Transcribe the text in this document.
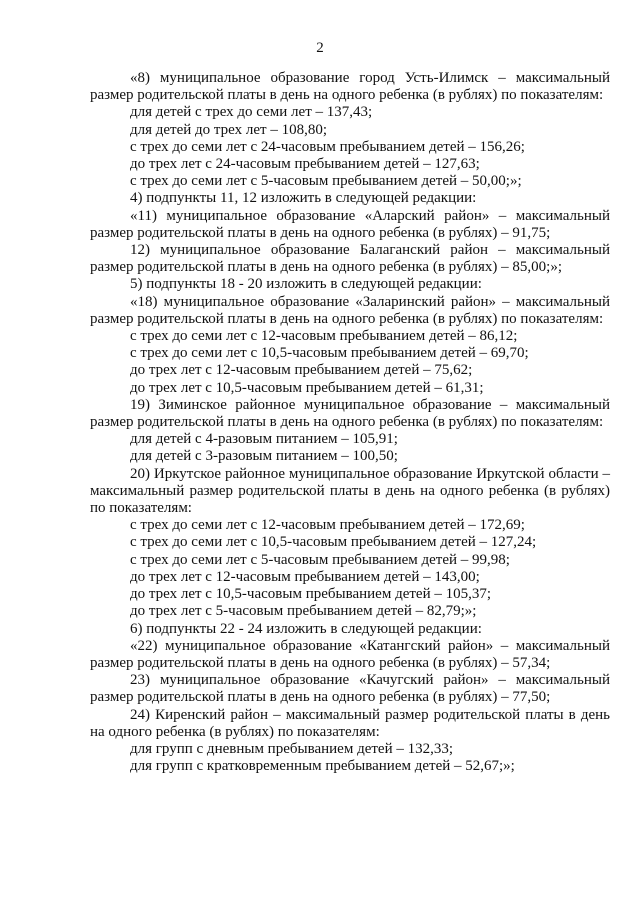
2

«8) муниципальное образование город Усть-Илимск – максимальный размер родительской платы в день на одного ребенка (в рублях) по показателям:

для детей с трех до семи лет – 137,43;

для детей до трех лет – 108,80;

с трех до семи лет с 24-часовым пребыванием детей – 156,26;

до трех лет с 24-часовым пребыванием детей – 127,63;

с трех до семи лет с 5-часовым пребыванием детей – 50,00;»;

4) подпункты 11, 12 изложить в следующей редакции:

«11) муниципальное образование «Аларский район» – максимальный размер родительской платы в день на одного ребенка (в рублях) – 91,75;

12) муниципальное образование Балаганский район – максимальный размер родительской платы в день на одного ребенка (в рублях) – 85,00;»;

5) подпункты 18 - 20 изложить в следующей редакции:

«18) муниципальное образование «Заларинский район» – максимальный размер родительской платы в день на одного ребенка (в рублях) по показателям:

с трех до семи лет с 12-часовым пребыванием детей – 86,12;

с трех до семи лет с 10,5-часовым пребыванием детей – 69,70;

до трех лет с 12-часовым пребыванием детей – 75,62;

до трех лет с 10,5-часовым пребыванием детей – 61,31;

19) Зиминское районное муниципальное образование – максимальный размер родительской платы в день на одного ребенка (в рублях) по показателям:

для детей с 4-разовым питанием – 105,91;

для детей с 3-разовым питанием – 100,50;

20) Иркутское районное муниципальное образование Иркутской области – максимальный размер родительской платы в день на одного ребенка (в рублях) по показателям:

с трех до семи лет с 12-часовым пребыванием детей – 172,69;

с трех до семи лет с 10,5-часовым пребыванием детей – 127,24;

с трех до семи лет с 5-часовым пребыванием детей – 99,98;

до трех лет с 12-часовым пребыванием детей – 143,00;

до трех лет с 10,5-часовым пребыванием детей – 105,37;

до трех лет с 5-часовым пребыванием детей – 82,79;»;

6) подпункты 22 - 24 изложить в следующей редакции:

«22) муниципальное образование «Катангский район» – максимальный размер родительской платы в день на одного ребенка (в рублях) – 57,34;

23) муниципальное образование «Качугский район» – максимальный размер родительской платы в день на одного ребенка (в рублях) – 77,50;

24) Киренский район – максимальный размер родительской платы в день на одного ребенка (в рублях) по показателям:

для групп с дневным пребыванием детей – 132,33;

для групп с кратковременным пребыванием детей – 52,67;»;
